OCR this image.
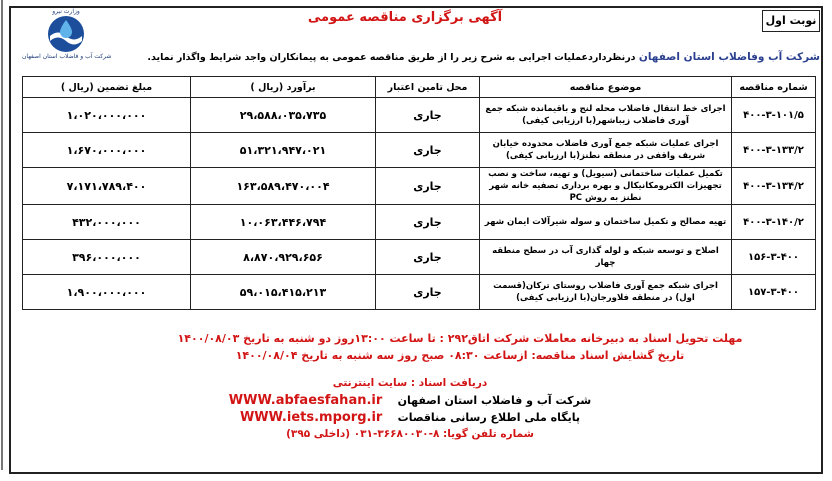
وزارت نیرو
شرکت آب و فاضلاب استان اصفهان
آگهی برگزاری مناقصه عمومی	نوبت اول
شرکت آب وفاضلاب استان اصفهان درنظرداردعملیات اجرایی به شرح زیر را از طریق مناقصه عمومی به پیمانکاران واجد شرایط واگذار نماید.
شماره مناقصه	موضوع مناقصه	محل تامین اعتبار	برآورد (ریال )	مبلغ تضمین (ریال )
۴۰۰-۳-۱۰۱/۵	اجرای خط انتقال فاضلاب محله لنج و باقیمانده شبکه جمع آوری فاضلاب زیباشهر(با ارزیابی کیفی)	جاری	۲۹،۵۸۸،۰۳۵،۷۳۵	۱،۰۲۰،۰۰۰،۰۰۰
۴۰۰-۳-۱۳۳/۲	اجرای عملیات شبکه جمع آوری فاضلاب محدوده خیابان شریف واقفی در منطقه نطنز(با ارزیابی کیفی)	جاری	۵۱،۳۲۱،۹۴۷،۰۲۱	۱،۶۷۰،۰۰۰،۰۰۰
۴۰۰-۳-۱۳۴/۲	تکمیل عملیات ساختمانی (سیویل) و تهیه، ساخت و نصب تجهیزات الکترومکانیکال و بهره برداری تصفیه خانه شهر نطنز به روش PC	جاری	۱۶۳،۵۸۹،۴۷۰،۰۰۴	۷،۱۷۱،۷۸۹،۴۰۰
۴۰۰-۳-۱۴۰/۲	تهیه مصالح و تکمیل ساختمان و سوله شیرآلات ایمان شهر	جاری	۱۰،۰۶۳،۴۴۶،۷۹۴	۴۳۲،۰۰۰،۰۰۰
۱۵۶-۳-۴۰۰	اصلاح و توسعه شبکه و لوله گذاری آب در سطح منطقه چهار	جاری	۸،۸۷۰،۹۲۹،۶۵۶	۳۹۶،۰۰۰،۰۰۰
۱۵۷-۳-۴۰۰	اجرای شبکه جمع آوری فاضلاب روستای ترکان(قسمت اول) در منطقه فلاورجان(با ارزیابی کیفی)	جاری	۵۹،۰۱۵،۴۱۵،۲۱۳	۱،۹۰۰،۰۰۰،۰۰۰
مهلت تحویل اسناد به دبیرخانه معاملات شرکت اتاق۲۹۲ : تا ساعت ۱۳:۰۰روز دو شنبه به تاریخ ۱۴۰۰/۰۸/۰۳
تاریخ گشایش اسناد مناقصه: ازساعت ۰۸:۳۰ صبح روز سه شنبه به تاریخ ۱۴۰۰/۰۸/۰۴
دریافت اسناد : سایت اینترنتی
شرکت آب و فاضلاب استان اصفهان    WWW.abfaesfahan.ir
پایگاه ملی اطلاع رسانی مناقصات    WWW.iets.mporg.ir
شماره تلفن گویا: ۸-۳۶۶۸۰۰۳۰-۰۳۱ (داخلی ۳۹۵)
